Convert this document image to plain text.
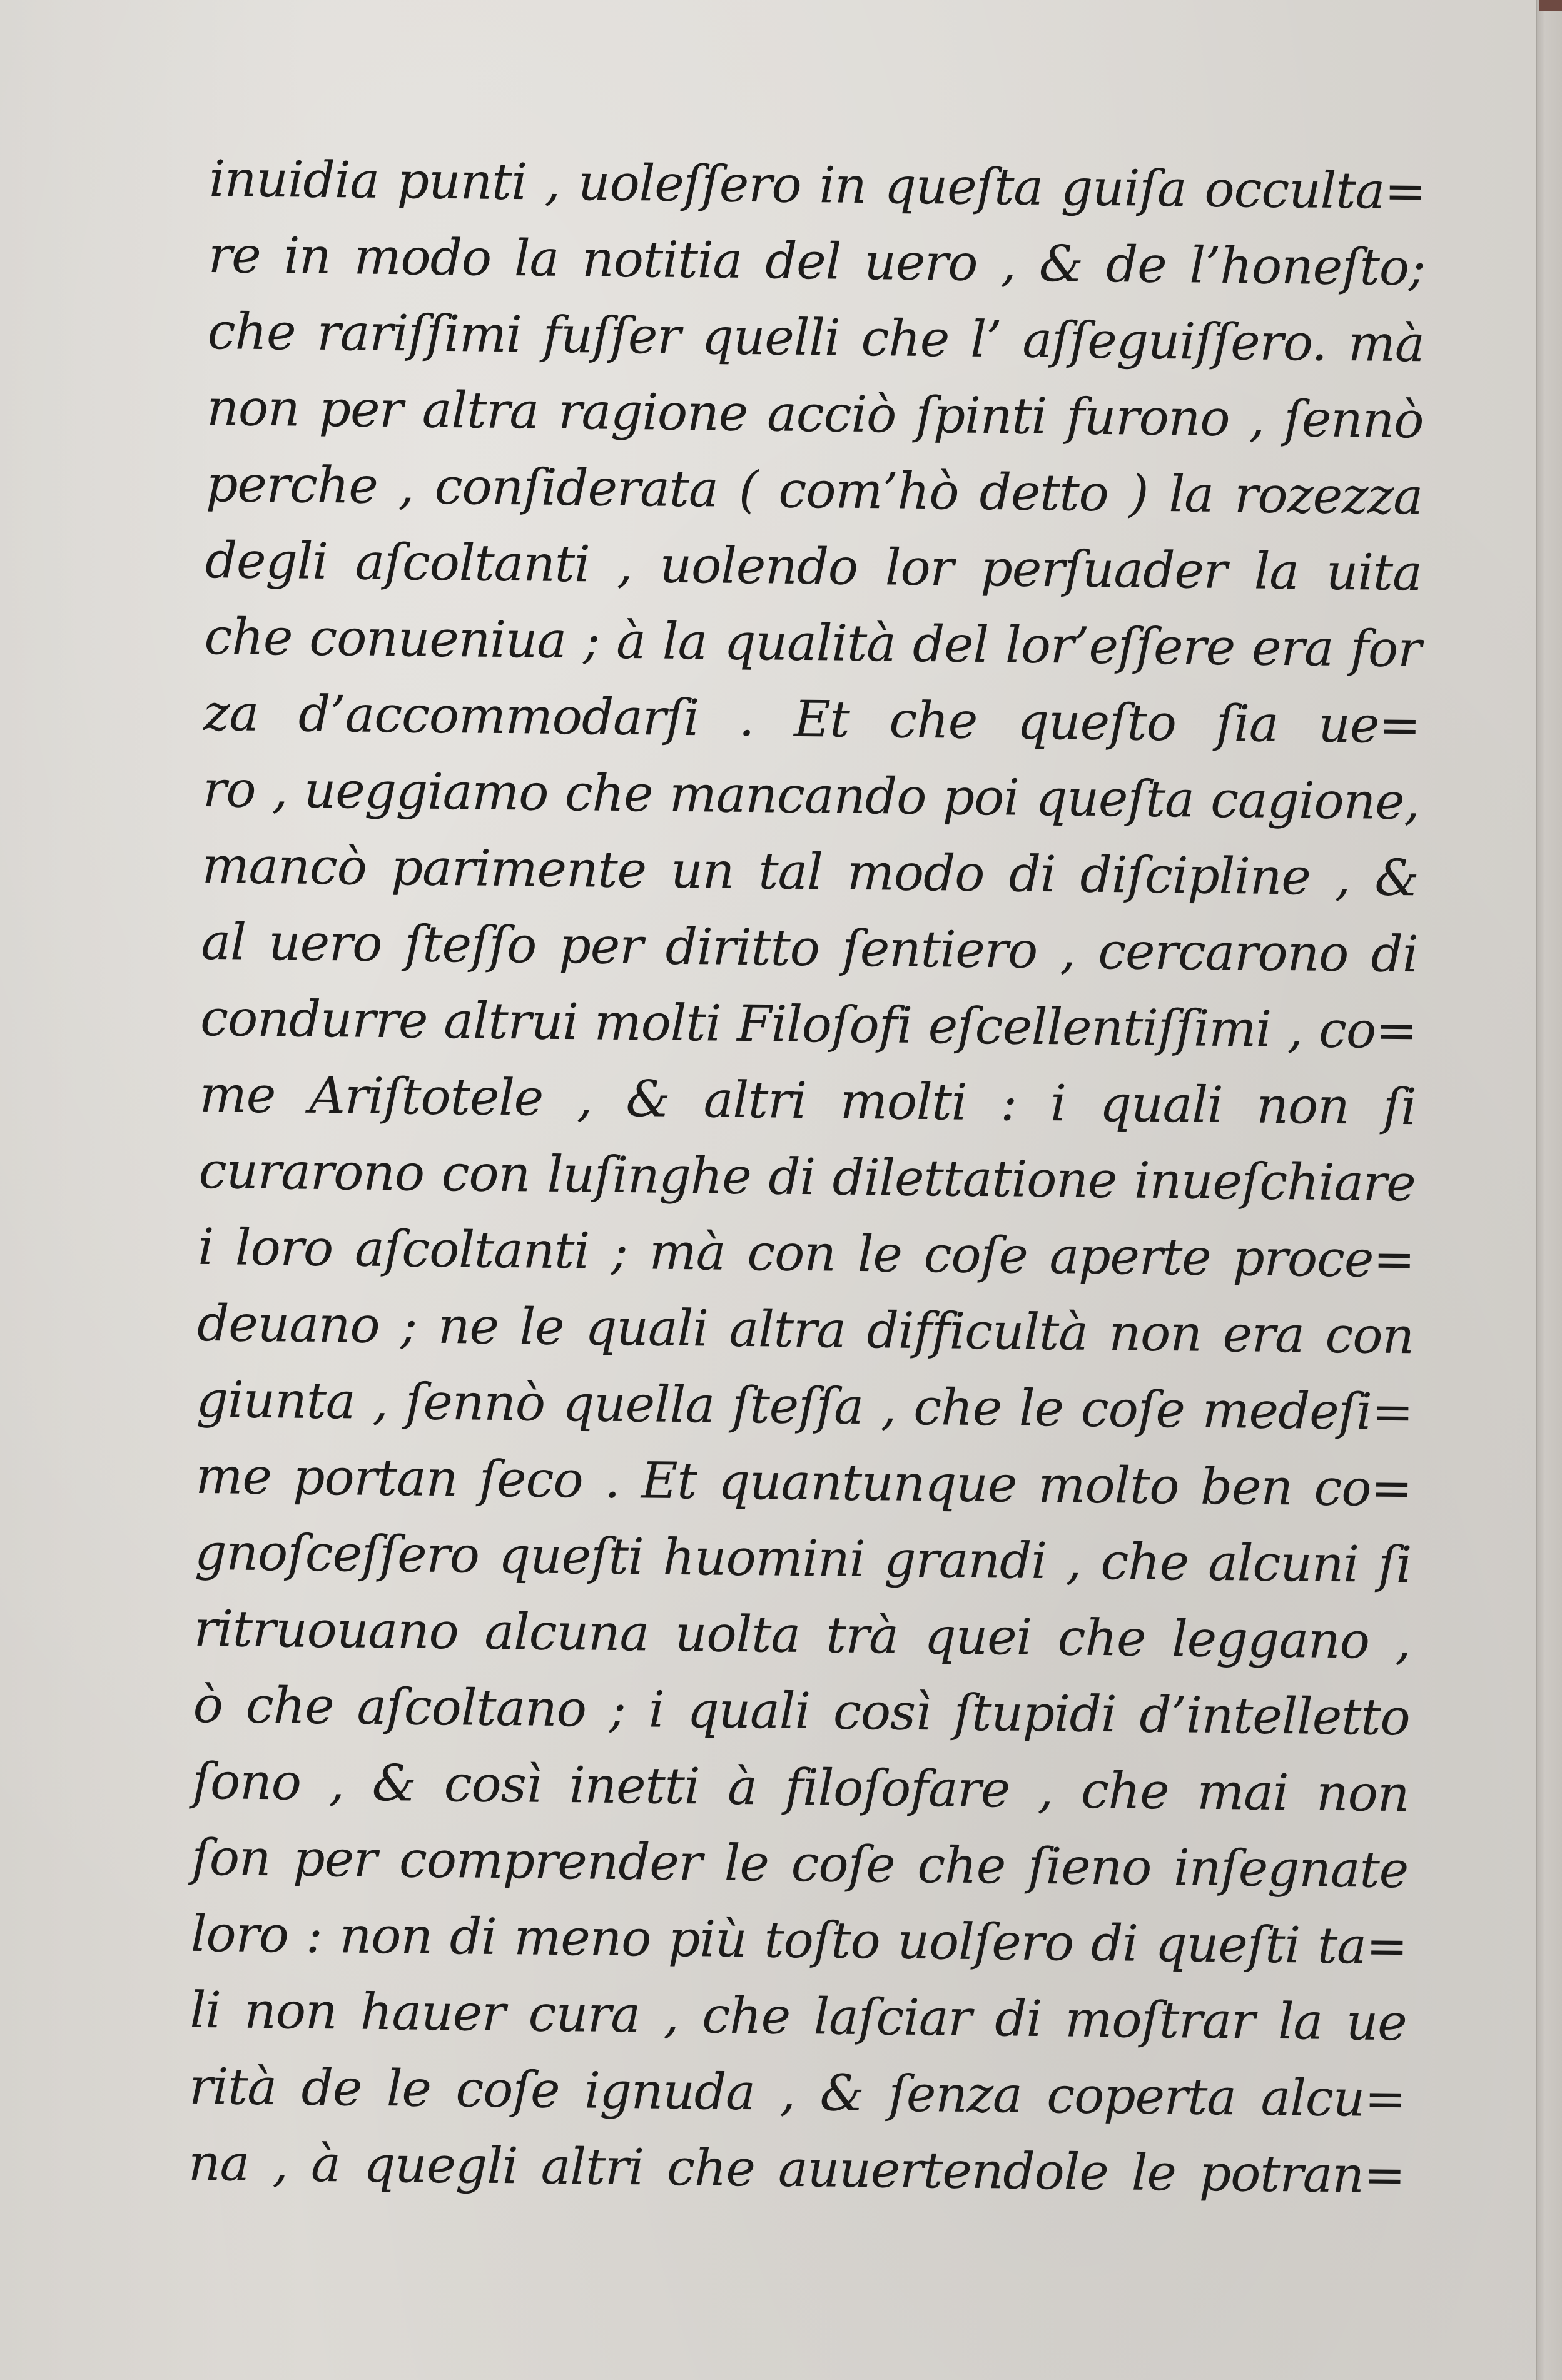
inuidia punti , uoleſſero in queſta guiſa occulta=
re in modo la notitia del uero , & de l’honeſto;
che rariſſimi fuſſer quelli che l’ aſſeguiſſero. mà
non per altra ragione acciò ſpinti furono , ſennò
perche , conſiderata ( com’hò detto ) la rozezza
degli aſcoltanti , uolendo lor perſuader la uita
che conueniua ; à la qualità del lor’eſſere era for
za d’accommodarſi . Et che queſto ſia ue=
ro , ueggiamo che mancando poi queſta cagione,
mancò parimente un tal modo di diſcipline , &
al uero ſteſſo per diritto ſentiero , cercarono di
condurre altrui molti Filoſofi eſcellentiſſimi , co=
me Ariſtotele , & altri molti : i quali non ſi
curarono con luſinghe di dilettatione inueſchiare
i loro aſcoltanti ; mà con le coſe aperte proce=
deuano ; ne le quali altra difficultà non era con
giunta , ſennò quella ſteſſa , che le coſe medeſi=
me portan ſeco . Et quantunque molto ben co=
gnoſceſſero queſti huomini grandi , che alcuni ſi
ritruouano alcuna uolta trà quei che leggano ,
ò che aſcoltano ; i quali così ſtupidi d’intelletto
ſono , & così inetti à filoſofare , che mai non
ſon per comprender le coſe che ſieno inſegnate
loro : non di meno più toſto uolſero di queſti ta=
li non hauer cura , che laſciar di moſtrar la ue
rità de le coſe ignuda , & ſenza coperta alcu=
na , à quegli altri che auuertendole le potran=
